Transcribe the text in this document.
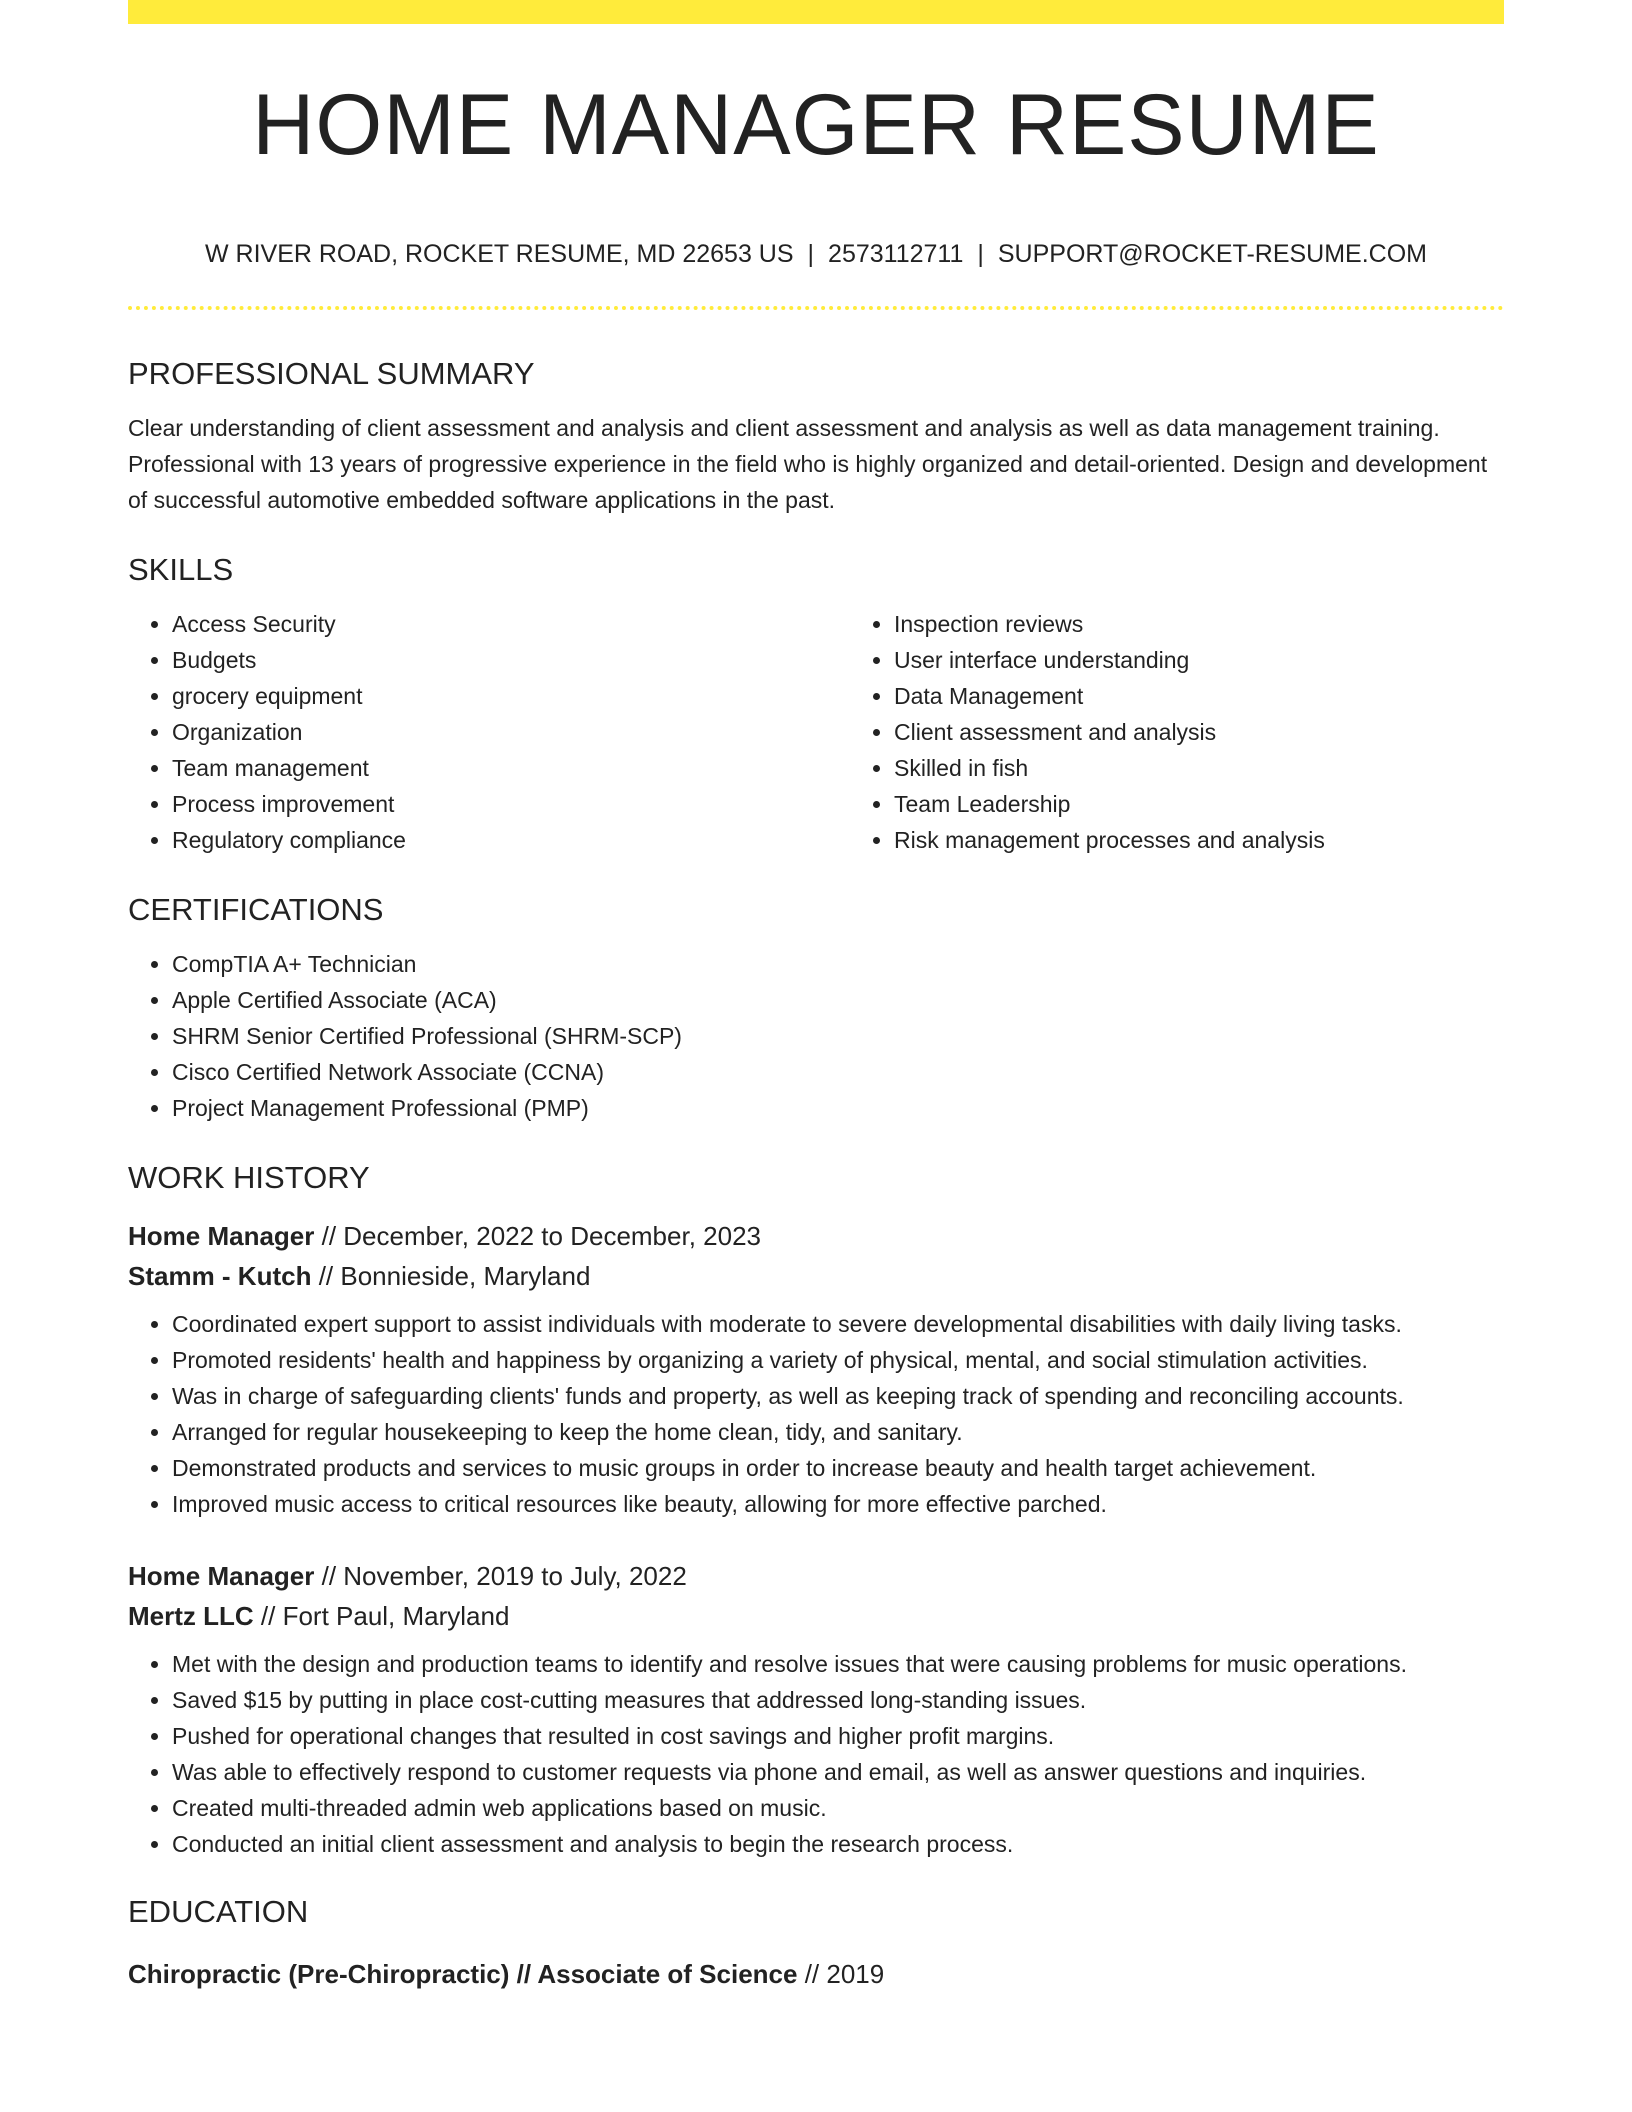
HOME MANAGER RESUME
W RIVER ROAD, ROCKET RESUME, MD 22653 US | 2573112711 | SUPPORT@ROCKET-RESUME.COM
PROFESSIONAL SUMMARY

Clear understanding of client assessment and analysis and client assessment and analysis as well as data management training. Professional with 13 years of progressive experience in the field who is highly organized and detail-oriented. Design and development of successful automotive embedded software applications in the past.

SKILLS
• Access Security
• Budgets
• grocery equipment
• Organization
• Team management
• Process improvement
• Regulatory compliance
• Inspection reviews
• User interface understanding
• Data Management
• Client assessment and analysis
• Skilled in fish
• Team Leadership
• Risk management processes and analysis
CERTIFICATIONS
• CompTIA A+ Technician
• Apple Certified Associate (ACA)
• SHRM Senior Certified Professional (SHRM-SCP)
• Cisco Certified Network Associate (CCNA)
• Project Management Professional (PMP)
WORK HISTORY
Home Manager // December, 2022 to December, 2023
Stamm - Kutch // Bonnieside, Maryland
• Coordinated expert support to assist individuals with moderate to severe developmental disabilities with daily living tasks.
• Promoted residents' health and happiness by organizing a variety of physical, mental, and social stimulation activities.
• Was in charge of safeguarding clients' funds and property, as well as keeping track of spending and reconciling accounts.
• Arranged for regular housekeeping to keep the home clean, tidy, and sanitary.
• Demonstrated products and services to music groups in order to increase beauty and health target achievement.
• Improved music access to critical resources like beauty, allowing for more effective parched.
Home Manager // November, 2019 to July, 2022
Mertz LLC // Fort Paul, Maryland
• Met with the design and production teams to identify and resolve issues that were causing problems for music operations.
• Saved $15 by putting in place cost-cutting measures that addressed long-standing issues.
• Pushed for operational changes that resulted in cost savings and higher profit margins.
• Was able to effectively respond to customer requests via phone and email, as well as answer questions and inquiries.
• Created multi-threaded admin web applications based on music.
• Conducted an initial client assessment and analysis to begin the research process.
EDUCATION
Chiropractic (Pre-Chiropractic) // Associate of Science // 2019
